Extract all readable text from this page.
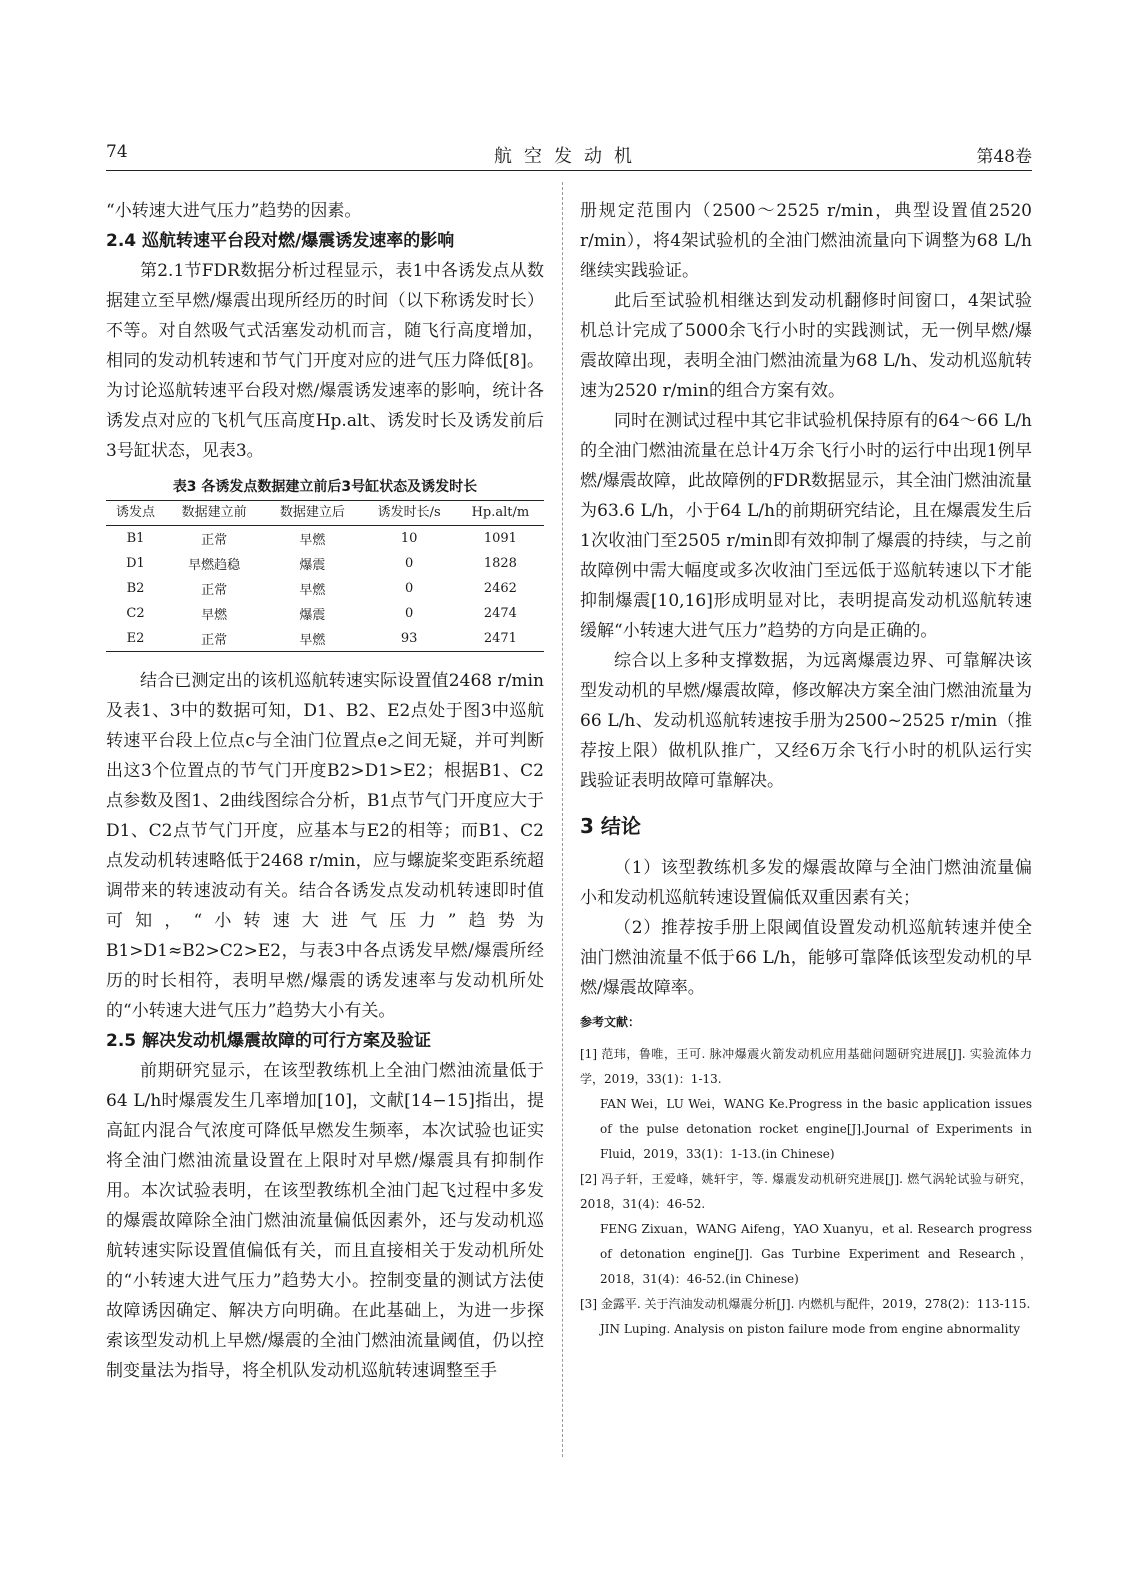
74	航空发动机	第48卷

“小转速大进气压力”趋势的因素。

2.4 巡航转速平台段对燃/爆震诱发速率的影响

第2.1节FDR数据分析过程显示，表1中各诱发点从数据建立至早燃/爆震出现所经历的时间（以下称诱发时长）不等。对自然吸气式活塞发动机而言，随飞行高度增加，相同的发动机转速和节气门开度对应的进气压力降低[8]。为讨论巡航转速平台段对燃/爆震诱发速率的影响，统计各诱发点对应的飞机气压高度Hp.alt、诱发时长及诱发前后3号缸状态，见表3。

表3 各诱发点数据建立前后3号缸状态及诱发时长
诱发点	数据建立前	数据建立后	诱发时长/s	Hp.alt/m
B1	正常	早燃	10	1091
D1	早燃趋稳	爆震	0	1828
B2	正常	早燃	0	2462
C2	早燃	爆震	0	2474
E2	正常	早燃	93	2471

结合已测定出的该机巡航转速实际设置值2468 r/min及表1、3中的数据可知，D1、B2、E2点处于图3中巡航转速平台段上位点c与全油门位置点e之间无疑，并可判断出这3个位置点的节气门开度B2>D1>E2；根据B1、C2点参数及图1、2曲线图综合分析，B1点节气门开度应大于D1、C2点节气门开度，应基本与E2的相等；而B1、C2点发动机转速略低于2468 r/min，应与螺旋桨变距系统超调带来的转速波动有关。结合各诱发点发动机转速即时值可知，“小转速大进气压力”趋势为B1>D1≈B2>C2>E2，与表3中各点诱发早燃/爆震所经历的时长相符，表明早燃/爆震的诱发速率与发动机所处的“小转速大进气压力”趋势大小有关。

2.5 解决发动机爆震故障的可行方案及验证

前期研究显示，在该型教练机上全油门燃油流量低于64 L/h时爆震发生几率增加[10]，文献[14−15]指出，提高缸内混合气浓度可降低早燃发生频率，本次试验也证实将全油门燃油流量设置在上限时对早燃/爆震具有抑制作用。本次试验表明，在该型教练机全油门起飞过程中多发的爆震故障除全油门燃油流量偏低因素外，还与发动机巡航转速实际设置值偏低有关，而且直接相关于发动机所处的“小转速大进气压力”趋势大小。控制变量的测试方法使故障诱因确定、解决方向明确。在此基础上，为进一步探索该型发动机上早燃/爆震的全油门燃油流量阈值，仍以控制变量法为指导，将全机队发动机巡航转速调整至手

册规定范围内（2500～2525 r/min，典型设置值2520 r/min），将4架试验机的全油门燃油流量向下调整为68 L/h继续实践验证。

此后至试验机相继达到发动机翻修时间窗口，4架试验机总计完成了5000余飞行小时的实践测试，无一例早燃/爆震故障出现，表明全油门燃油流量为68 L/h、发动机巡航转速为2520 r/min的组合方案有效。

同时在测试过程中其它非试验机保持原有的64～66 L/h的全油门燃油流量在总计4万余飞行小时的运行中出现1例早燃/爆震故障，此故障例的FDR数据显示，其全油门燃油流量为63.6 L/h，小于64 L/h的前期研究结论，且在爆震发生后1次收油门至2505 r/min即有效抑制了爆震的持续，与之前故障例中需大幅度或多次收油门至远低于巡航转速以下才能抑制爆震[10,16]形成明显对比，表明提高发动机巡航转速缓解“小转速大进气压力”趋势的方向是正确的。

综合以上多种支撑数据，为远离爆震边界、可靠解决该型发动机的早燃/爆震故障，修改解决方案全油门燃油流量为66 L/h、发动机巡航转速按手册为2500~2525 r/min（推荐按上限）做机队推广，又经6万余飞行小时的机队运行实践验证表明故障可靠解决。

3 结论

（1）该型教练机多发的爆震故障与全油门燃油流量偏小和发动机巡航转速设置偏低双重因素有关；

（2）推荐按手册上限阈值设置发动机巡航转速并使全油门燃油流量不低于66 L/h，能够可靠降低该型发动机的早燃/爆震故障率。

参考文献：

[1] 范玮，鲁唯，王可. 脉冲爆震火箭发动机应用基础问题研究进展[J]. 实验流体力学，2019，33(1)：1-13.

FAN Wei，LU Wei，WANG Ke.Progress in the basic application issues of the pulse detonation rocket engine[J].Journal of Experiments in Fluid，2019，33(1)：1-13.(in Chinese)

[2] 冯子轩，王爱峰，姚轩宇，等. 爆震发动机研究进展[J]. 燃气涡轮试验与研究，2018，31(4)：46-52.

FENG Zixuan，WANG Aifeng，YAO Xuanyu，et al. Research progress of detonation engine[J]. Gas Turbine Experiment and Research，2018，31(4)：46-52.(in Chinese)

[3] 金露平. 关于汽油发动机爆震分析[J]. 内燃机与配件，2019，278(2)：113-115.

JIN Luping. Analysis on piston failure mode from engine abnormality
